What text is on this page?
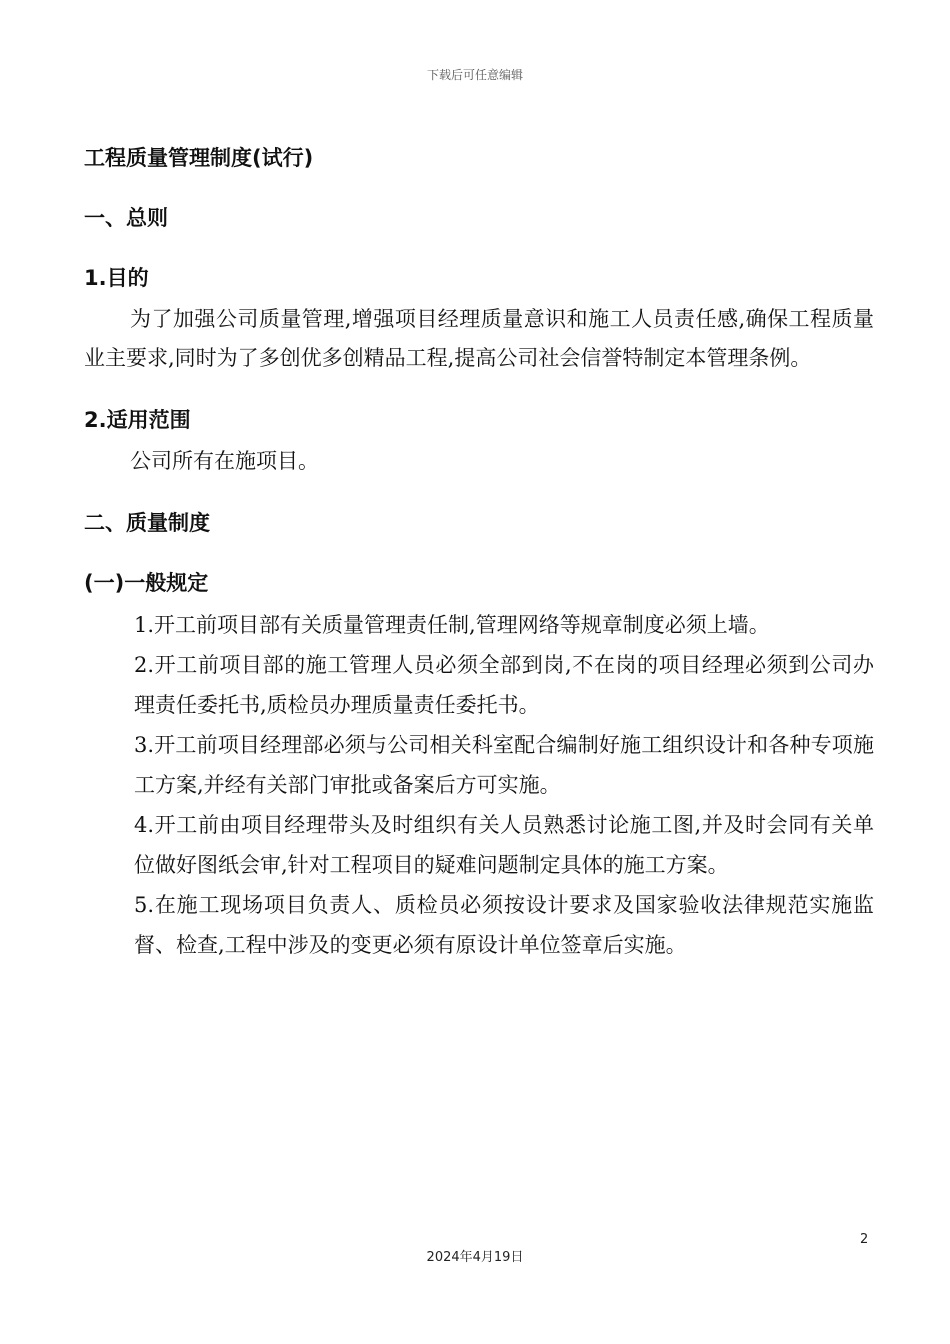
下载后可任意编辑
工程质量管理制度(试行)
一、总则
1.目的

为了加强公司质量管理,增强项目经理质量意识和施工人员责任感,确保工程质量业主要求,同时为了多创优多创精品工程,提高公司社会信誉特制定本管理条例。

2.适用范围

公司所有在施项目。

二、质量制度
(一)一般规定

1.开工前项目部有关质量管理责任制,管理网络等规章制度必须上墙。

2.开工前项目部的施工管理人员必须全部到岗,不在岗的项目经理必须到公司办理责任委托书,质检员办理质量责任委托书。

3.开工前项目经理部必须与公司相关科室配合编制好施工组织设计和各种专项施工方案,并经有关部门审批或备案后方可实施。

4.开工前由项目经理带头及时组织有关人员熟悉讨论施工图,并及时会同有关单位做好图纸会审,针对工程项目的疑难问题制定具体的施工方案。

5.在施工现场项目负责人、质检员必须按设计要求及国家验收法律规范实施监督、检查,工程中涉及的变更必须有原设计单位签章后实施。

2
2024年4月19日
